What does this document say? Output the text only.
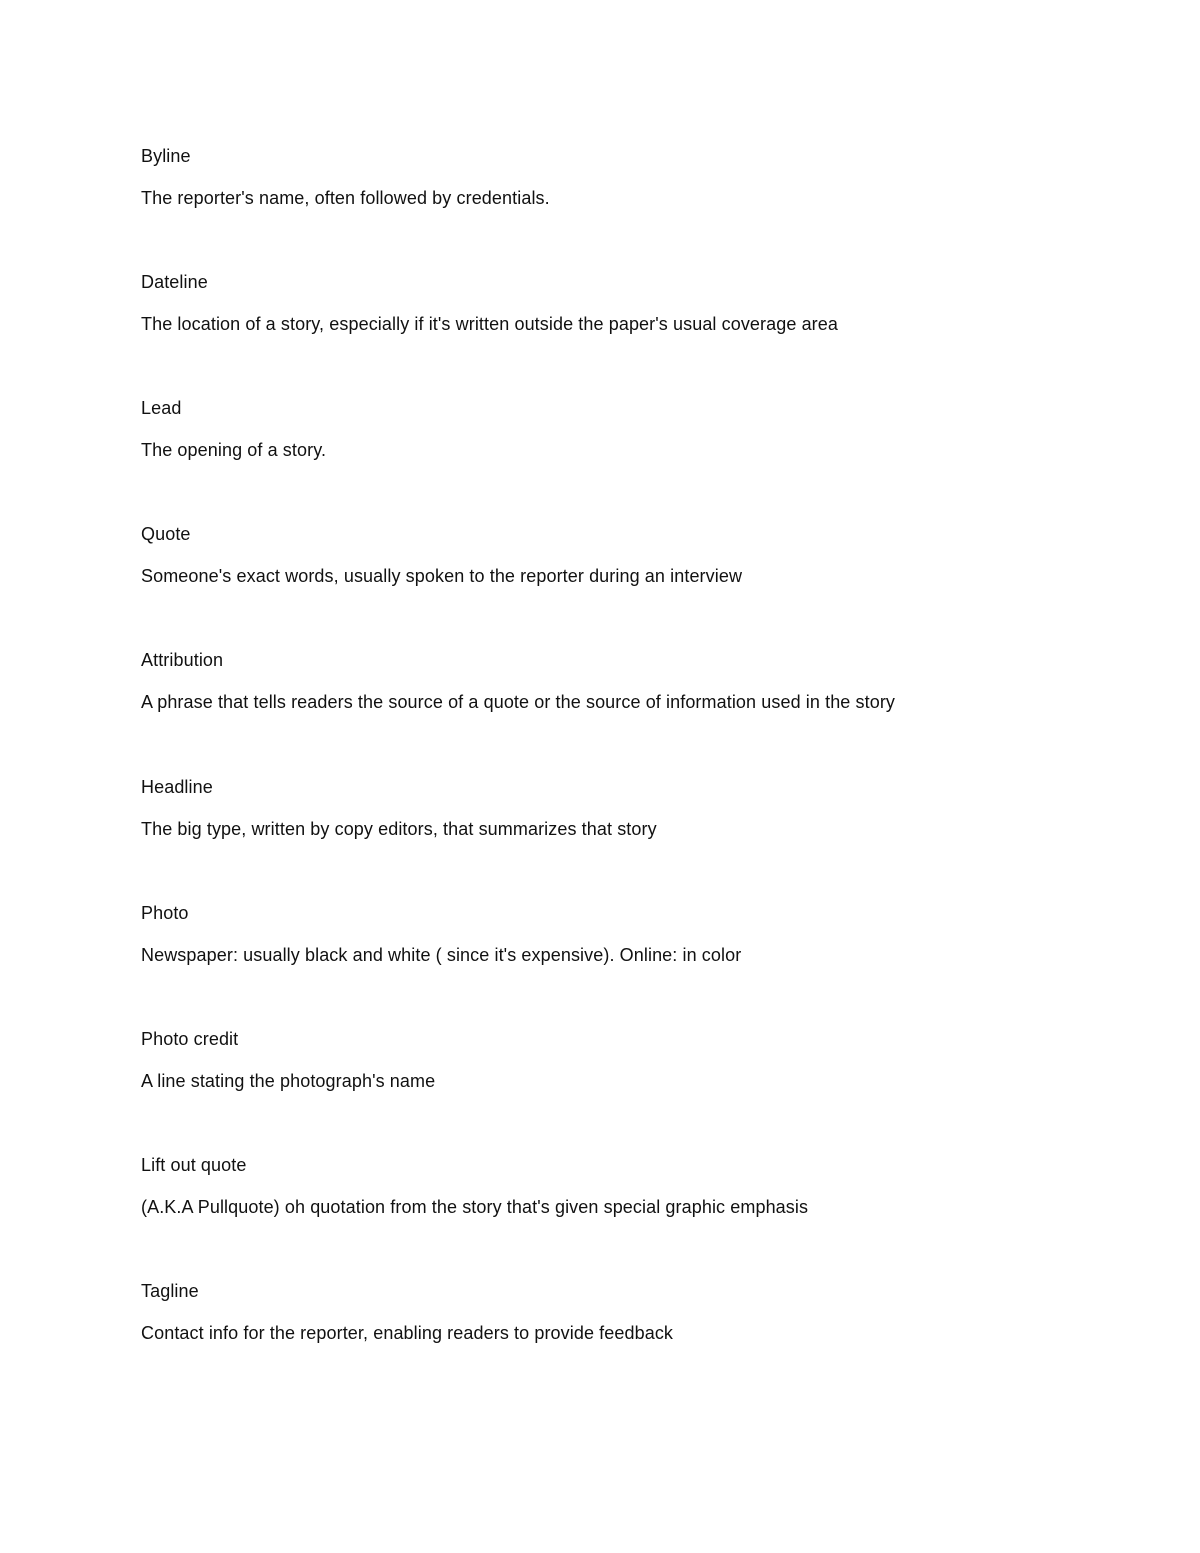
Byline

The reporter's name, often followed by credentials.

Dateline

The location of a story, especially if it's written outside the paper's usual coverage area

Lead

The opening of a story.

Quote

Someone's exact words, usually spoken to the reporter during an interview

Attribution

A phrase that tells readers the source of a quote or the source of information used in the story

Headline

The big type, written by copy editors, that summarizes that story

Photo

Newspaper: usually black and white ( since it's expensive). Online: in color

Photo credit

A line stating the photograph's name

Lift out quote

(A.K.A Pullquote) oh quotation from the story that's given special graphic emphasis

Tagline

Contact info for the reporter, enabling readers to provide feedback
